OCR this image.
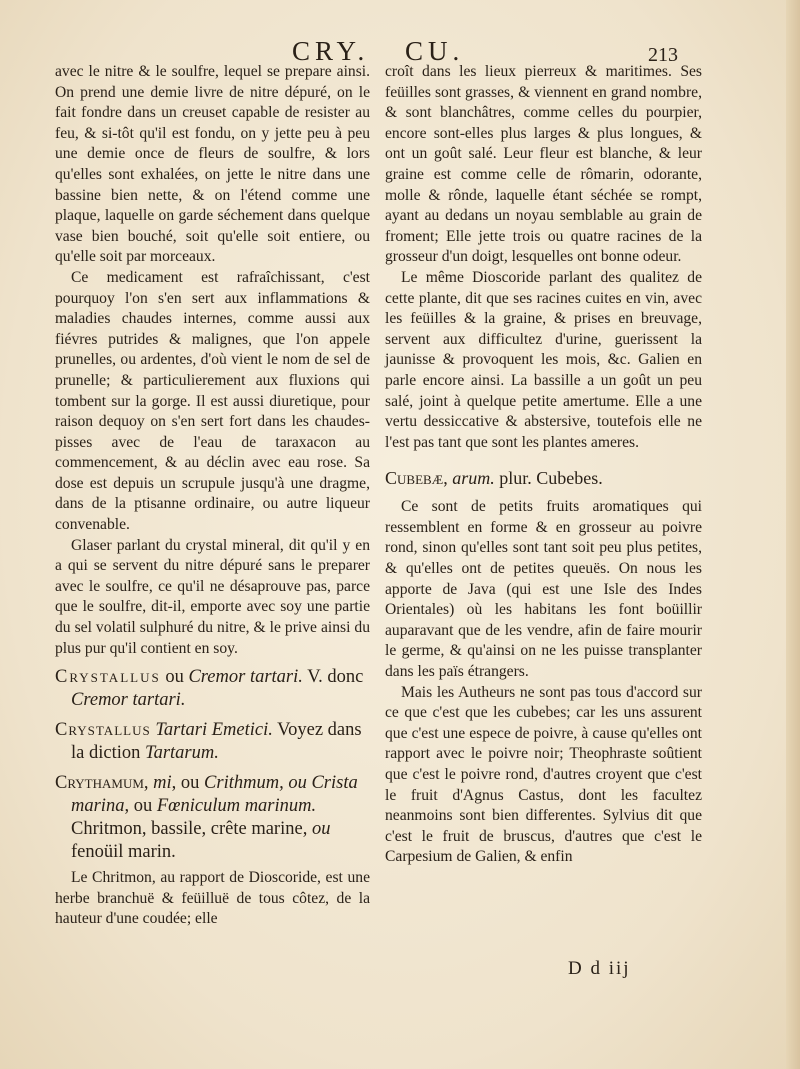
CRY. CU.	213

avec le nitre & le soulfre, lequel se prepare ainsi. On prend une demie livre de nitre dépuré, on le fait fondre dans un creuset capable de resister au feu, & si-tôt qu'il est fondu, on y jette peu à peu une demie once de fleurs de soulfre, & lors qu'elles sont exhalées, on jette le nitre dans une bassine bien nette, & on l'étend comme une plaque, laquelle on garde séchement dans quelque vase bien bouché, soit qu'elle soit entiere, ou qu'elle soit par morceaux.

Ce medicament est rafraîchissant, c'est pourquoy l'on s'en sert aux inflammations & maladies chaudes internes, comme aussi aux fiévres putrides & malignes, que l'on appele prunelles, ou ardentes, d'où vient le nom de sel de prunelle; & particulierement aux fluxions qui tombent sur la gorge. Il est aussi diuretique, pour raison dequoy on s'en sert fort dans les chaudes-pisses avec de l'eau de taraxacon au commencement, & au déclin avec eau rose. Sa dose est depuis un scrupule jusqu'à une dragme, dans de la ptisanne ordinaire, ou autre liqueur convenable.

Glaser parlant du crystal mineral, dit qu'il y en a qui se servent du nitre dépuré sans le preparer avec le soulfre, ce qu'il ne désaprouve pas, parce que le soulfre, dit-il, emporte avec soy une partie du sel volatil sulphuré du nitre, & le prive ainsi du plus pur qu'il contient en soy.

Crystallus ou Cremor tartari. V. donc Cremor tartari.
Crystallus Tartari Emetici. Voyez dans la diction Tartarum.
Crythamum, mi, ou Crithmum, ou Crista marina, ou Fœniculum marinum. Chritmon, bassile, crête marine, ou fenoüil marin.

Le Chritmon, au rapport de Dioscoride, est une herbe branchuë & feüilluë de tous côtez, de la hauteur d'une coudée; elle

croît dans les lieux pierreux & maritimes. Ses feüilles sont grasses, & viennent en grand nombre, & sont blanchâtres, comme celles du pourpier, encore sont-elles plus larges & plus longues, & ont un goût salé. Leur fleur est blanche, & leur graine est comme celle de rômarin, odorante, molle & rônde, laquelle étant séchée se rompt, ayant au dedans un noyau semblable au grain de froment; Elle jette trois ou quatre racines de la grosseur d'un doigt, lesquelles ont bonne odeur.

Le même Dioscoride parlant des qualitez de cette plante, dit que ses racines cuites en vin, avec les feüilles & la graine, & prises en breuvage, servent aux difficultez d'urine, guerissent la jaunisse & provoquent les mois, &c. Galien en parle encore ainsi. La bassille a un goût un peu salé, joint à quelque petite amertume. Elle a une vertu dessiccative & abstersive, toutefois elle ne l'est pas tant que sont les plantes ameres.

Cubebæ, arum. plur. Cubebes.

Ce sont de petits fruits aromatiques qui ressemblent en forme & en grosseur au poivre rond, sinon qu'elles sont tant soit peu plus petites, & qu'elles ont de petites queuës. On nous les apporte de Java (qui est une Isle des Indes Orientales) où les habitans les font boüillir auparavant que de les vendre, afin de faire mourir le germe, & qu'ainsi on ne les puisse transplanter dans les païs étrangers.

Mais les Autheurs ne sont pas tous d'accord sur ce que c'est que les cubebes; car les uns assurent que c'est une espece de poivre, à cause qu'elles ont rapport avec le poivre noir; Theophraste soûtient que c'est le poivre rond, d'autres croyent que c'est le fruit d'Agnus Castus, dont les facultez neanmoins sont bien differentes. Sylvius dit que c'est le fruit de bruscus, d'autres que c'est le Carpesium de Galien, & enfin

D d iij
